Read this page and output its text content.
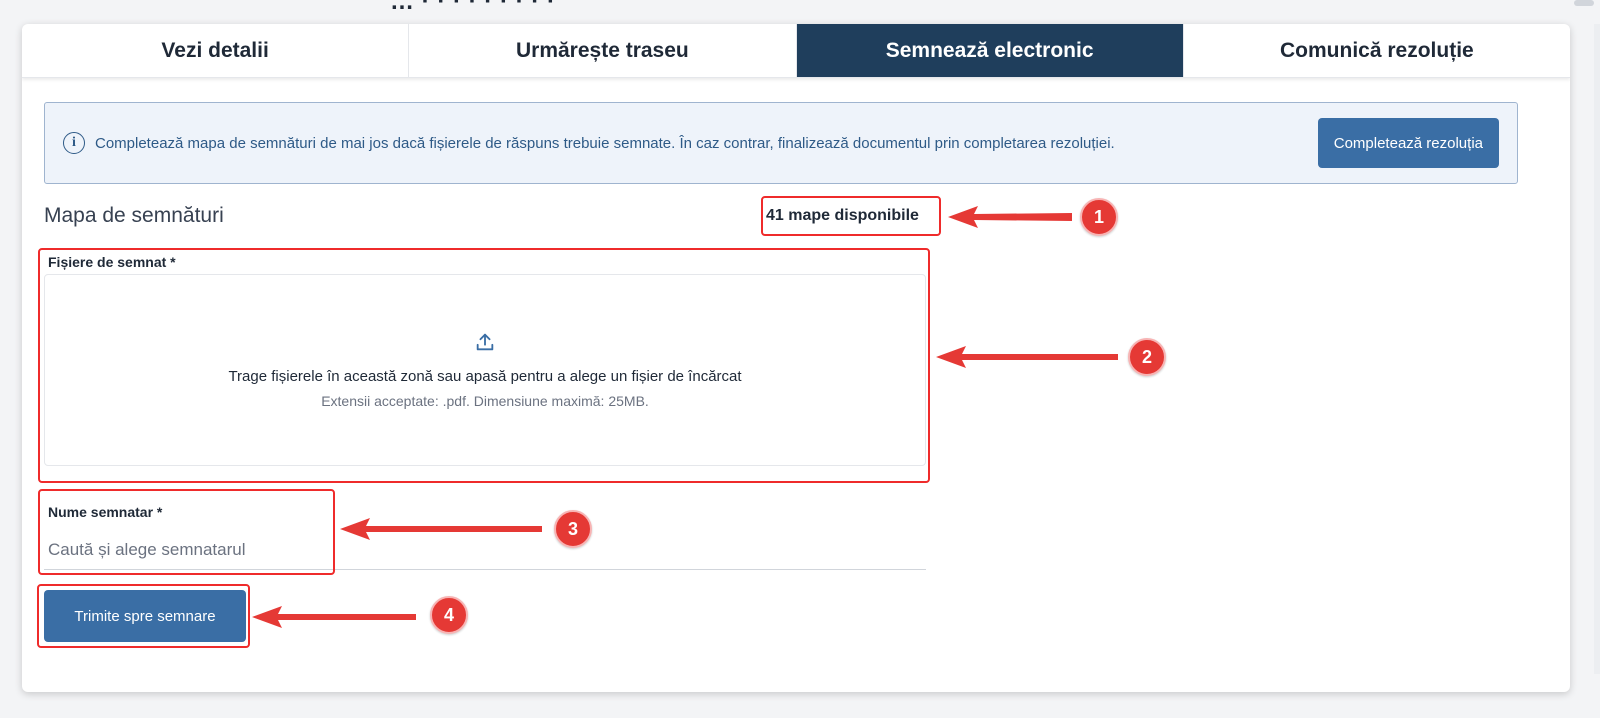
… · · · · · · · · ·
Vezi detalii	Urmărește traseu	Semnează electronic	Comunică rezoluție
i	Completează mapa de semnături de mai jos dacă fișierele de răspuns trebuie semnate. În caz contrar, finalizează documentul prin completarea rezoluției.	Completează rezoluția
Mapa de semnături	41 mape disponibile
Fișiere de semnat *
Trage fișierele în această zonă sau apasă pentru a alege un fișier de încărcat
Extensii acceptate: .pdf. Dimensiune maximă: 25MB.
Nume semnatar *
Caută și alege semnatarul
Trimite spre semnare
1
2
3
4
